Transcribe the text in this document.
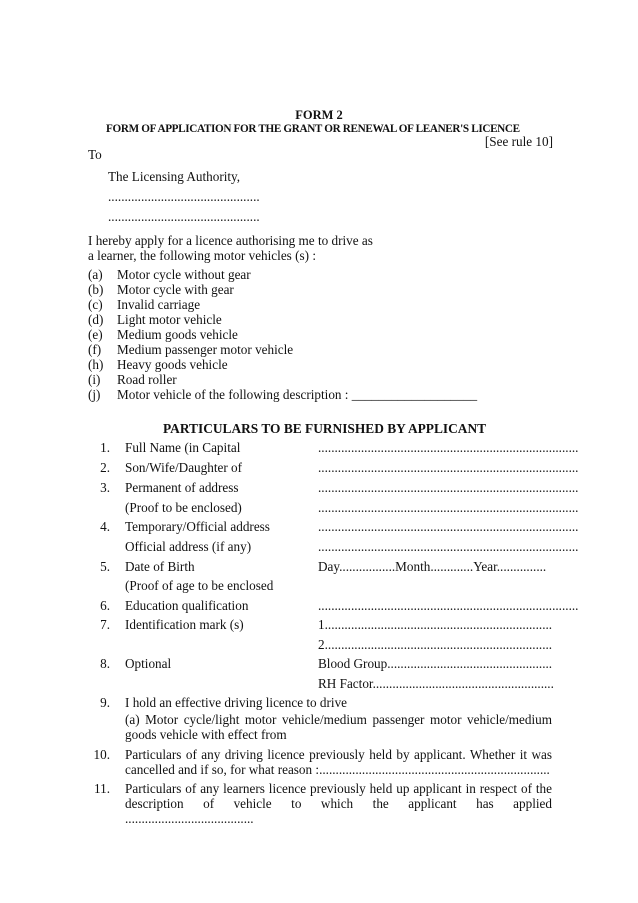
FORM 2
FORM OF APPLICATION FOR THE GRANT OR RENEWAL OF LEANER'S LICENCE
[See rule 10]
To
The Licensing Authority,
..............................................
..............................................
I hereby apply for a licence authorising me to drive as
a learner, the following motor vehicles (s) :
(a) Motor cycle without gear
(b) Motor cycle with gear
(c) Invalid carriage
(d) Light motor vehicle
(e) Medium goods vehicle
(f) Medium passenger motor vehicle
(h) Heavy goods vehicle
(i) Road roller
(j) Motor vehicle of the following description : ___________________
PARTICULARS TO BE FURNISHED BY APPLICANT
1. Full Name (in Capital	...............................................................................
2. Son/Wife/Daughter of	...............................................................................
3. Permanent of address	...............................................................................
(Proof to be enclosed)	...............................................................................
4. Temporary/Official address	...............................................................................
Official address (if any)	...............................................................................
5. Date of Birth	Day.................Month.............Year...............
(Proof of age to be enclosed
6. Education qualification	...............................................................................
7. Identification mark (s)	1.....................................................................
2.....................................................................
8. Optional	Blood Group..................................................
RH Factor.......................................................
9. I hold an effective driving licence to drive
(a) Motor cycle/light motor vehicle/medium passenger motor vehicle/medium goods vehicle with effect from
10. Particulars of any driving licence previously held by applicant. Whether it was cancelled and if so, for what reason :......................................................................
11. Particulars of any learners licence previously held up applicant in respect of the description of vehicle to which the applicant has applied .......................................
